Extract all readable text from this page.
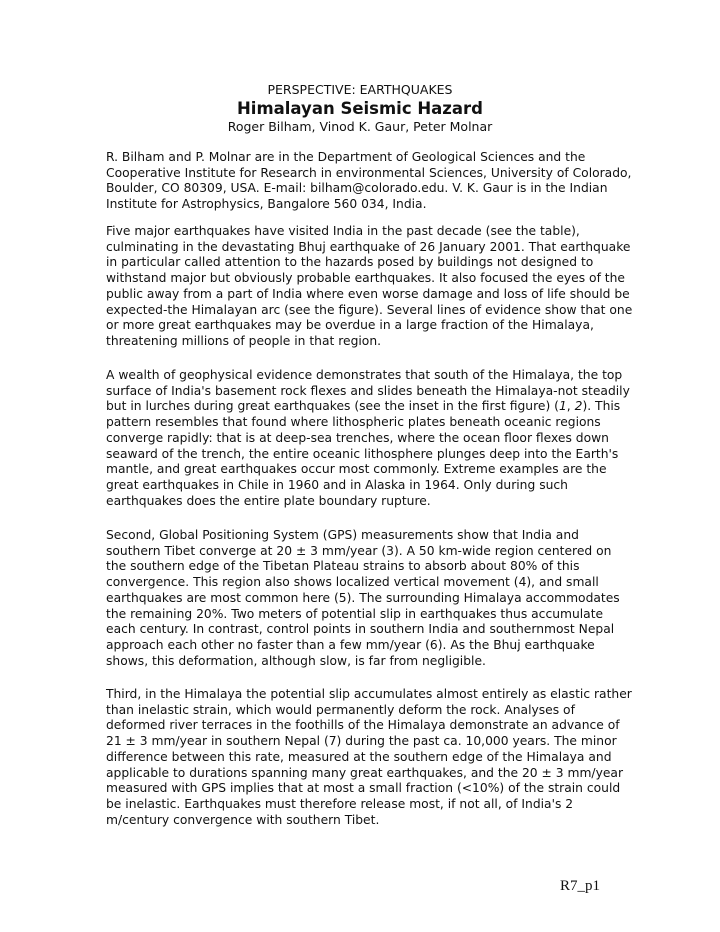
PERSPECTIVE: EARTHQUAKES
Himalayan Seismic Hazard
Roger Bilham, Vinod K. Gaur, Peter Molnar
R. Bilham and P. Molnar are in the Department of Geological Sciences and the
Cooperative Institute for Research in environmental Sciences, University of Colorado,
Boulder, CO 80309, USA. E-mail: bilham@colorado.edu. V. K. Gaur is in the Indian
Institute for Astrophysics, Bangalore 560 034, India.
Five major earthquakes have visited India in the past decade (see the table),
culminating in the devastating Bhuj earthquake of 26 January 2001. That earthquake
in particular called attention to the hazards posed by buildings not designed to
withstand major but obviously probable earthquakes. It also focused the eyes of the
public away from a part of India where even worse damage and loss of life should be
expected-the Himalayan arc (see the figure). Several lines of evidence show that one
or more great earthquakes may be overdue in a large fraction of the Himalaya,
threatening millions of people in that region.
A wealth of geophysical evidence demonstrates that south of the Himalaya, the top
surface of India's basement rock flexes and slides beneath the Himalaya-not steadily
but in lurches during great earthquakes (see the inset in the first figure) (1, 2). This
pattern resembles that found where lithospheric plates beneath oceanic regions
converge rapidly: that is at deep-sea trenches, where the ocean floor flexes down
seaward of the trench, the entire oceanic lithosphere plunges deep into the Earth's
mantle, and great earthquakes occur most commonly. Extreme examples are the
great earthquakes in Chile in 1960 and in Alaska in 1964. Only during such
earthquakes does the entire plate boundary rupture.
Second, Global Positioning System (GPS) measurements show that India and
southern Tibet converge at 20 ± 3 mm/year (3). A 50 km-wide region centered on
the southern edge of the Tibetan Plateau strains to absorb about 80% of this
convergence. This region also shows localized vertical movement (4), and small
earthquakes are most common here (5). The surrounding Himalaya accommodates
the remaining 20%. Two meters of potential slip in earthquakes thus accumulate
each century. In contrast, control points in southern India and southernmost Nepal
approach each other no faster than a few mm/year (6). As the Bhuj earthquake
shows, this deformation, although slow, is far from negligible.
Third, in the Himalaya the potential slip accumulates almost entirely as elastic rather
than inelastic strain, which would permanently deform the rock. Analyses of
deformed river terraces in the foothills of the Himalaya demonstrate an advance of
21 ± 3 mm/year in southern Nepal (7) during the past ca. 10,000 years. The minor
difference between this rate, measured at the southern edge of the Himalaya and
applicable to durations spanning many great earthquakes, and the 20 ± 3 mm/year
measured with GPS implies that at most a small fraction (<10%) of the strain could
be inelastic. Earthquakes must therefore release most, if not all, of India's 2
m/century convergence with southern Tibet.
R7_p1
